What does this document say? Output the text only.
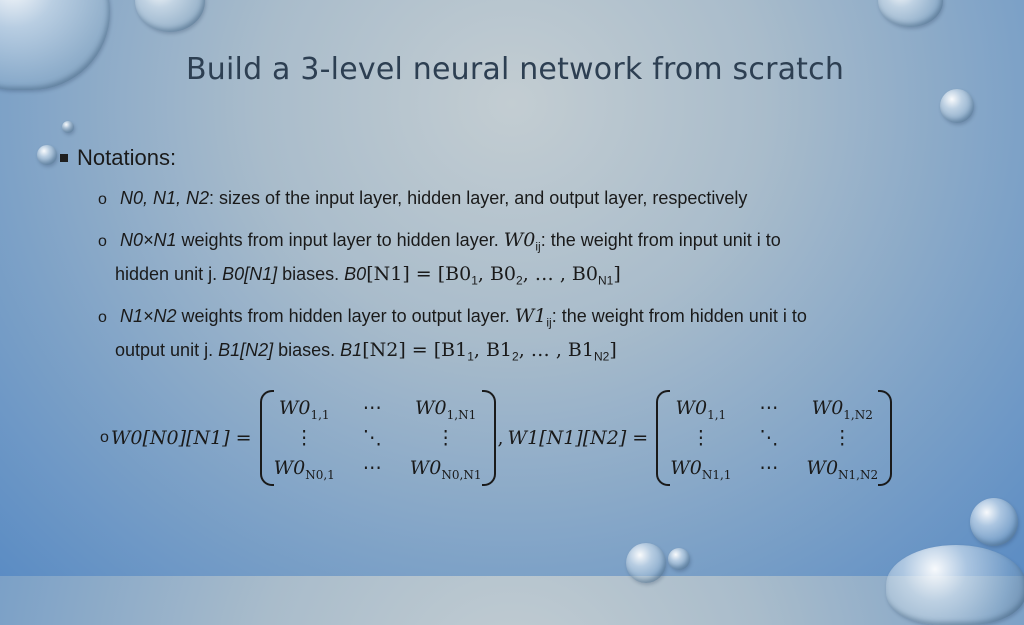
Build a 3-level neural network from scratch
Notations:
o N0, N1, N2: sizes of the input layer, hidden layer, and output layer, respectively
o N0×N1 weights from input layer to hidden layer. $W0_{ij}$: the weight from input unit i to
hidden unit j. B0[N1] biases. $B0[N1] = [B0_1$, $B0_2$, … , $B0_{N1}$]
o N1×N2 weights from hidden layer to output layer. $W1_{ij}$: the weight from hidden unit i to
output unit j. B1[N2] biases. $B1[N2] = [B1_1$, $B1_2$, … , $B1_{N2}$]
o W0[N0][N1] =
$W0_{1,1}$ ⋯ $W0_{1,N1}$
⋮	⋱	⋮
$W0_{N0,1}$ ⋯ $W0_{N0,N1}$
, W1[N1][N2] =
$W0_{1,1}$ ⋯ $W0_{1,N2}$
⋮	⋱	⋮
$W0_{N1,1}$ ⋯ $W0_{N1,N2}$
